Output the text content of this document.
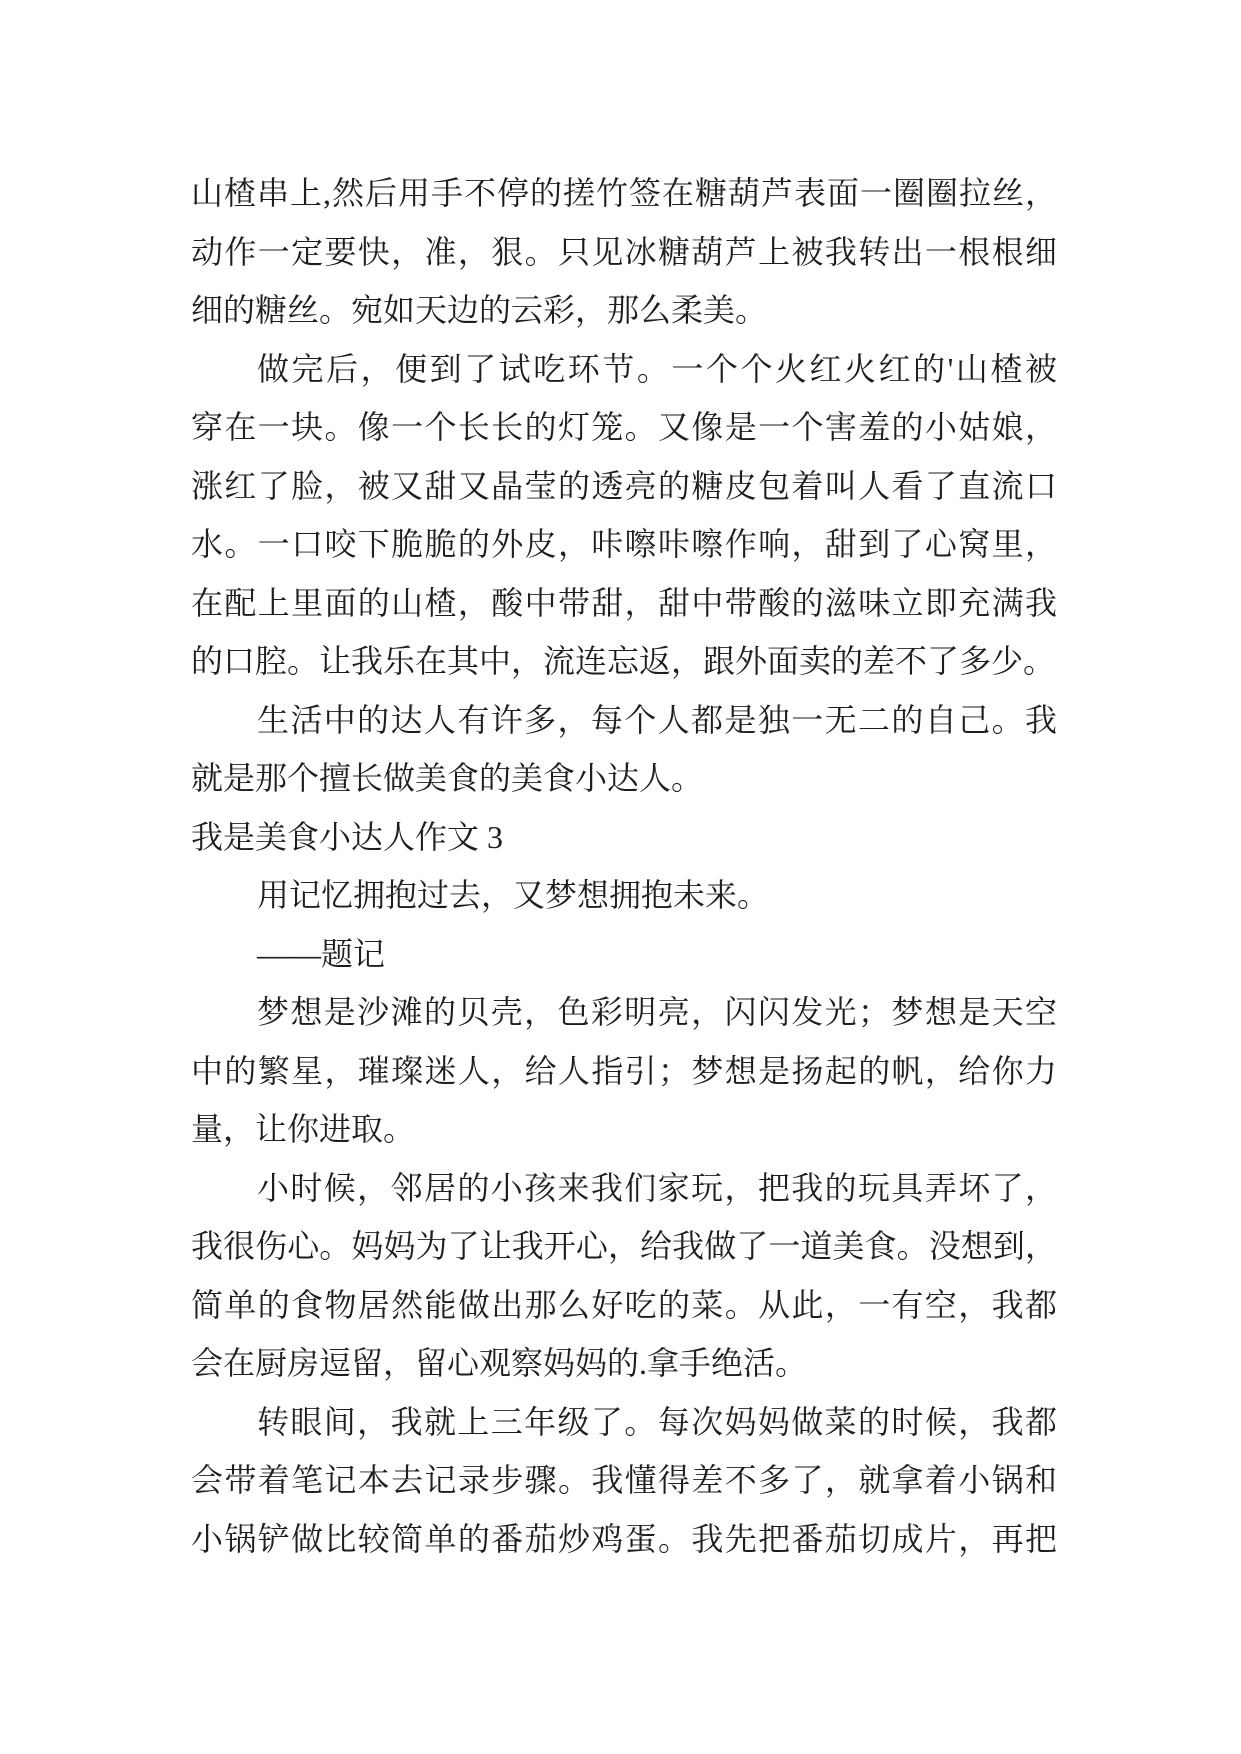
山楂串上,然后用手不停的搓竹签在糖葫芦表面一圈圈拉丝，
动作一定要快，准，狠。只见冰糖葫芦上被我转出一根根细
细的糖丝。宛如天边的云彩，那么柔美。
做完后，便到了试吃环节。一个个火红火红的'山楂被
穿在一块。像一个长长的灯笼。又像是一个害羞的小姑娘，
涨红了脸，被又甜又晶莹的透亮的糖皮包着叫人看了直流口
水。一口咬下脆脆的外皮，咔嚓咔嚓作响，甜到了心窝里，
在配上里面的山楂，酸中带甜，甜中带酸的滋味立即充满我
的口腔。让我乐在其中，流连忘返，跟外面卖的差不了多少。
生活中的达人有许多，每个人都是独一无二的自己。我
就是那个擅长做美食的美食小达人。
我是美食小达人作文 3
用记忆拥抱过去，又梦想拥抱未来。
——题记
梦想是沙滩的贝壳，色彩明亮，闪闪发光；梦想是天空
中的繁星，璀璨迷人，给人指引；梦想是扬起的帆，给你力
量，让你进取。
小时候，邻居的小孩来我们家玩，把我的玩具弄坏了，
我很伤心。妈妈为了让我开心，给我做了一道美食。没想到，
简单的食物居然能做出那么好吃的菜。从此，一有空，我都
会在厨房逗留，留心观察妈妈的.拿手绝活。
转眼间，我就上三年级了。每次妈妈做菜的时候，我都
会带着笔记本去记录步骤。我懂得差不多了，就拿着小锅和
小锅铲做比较简单的番茄炒鸡蛋。我先把番茄切成片，再把
